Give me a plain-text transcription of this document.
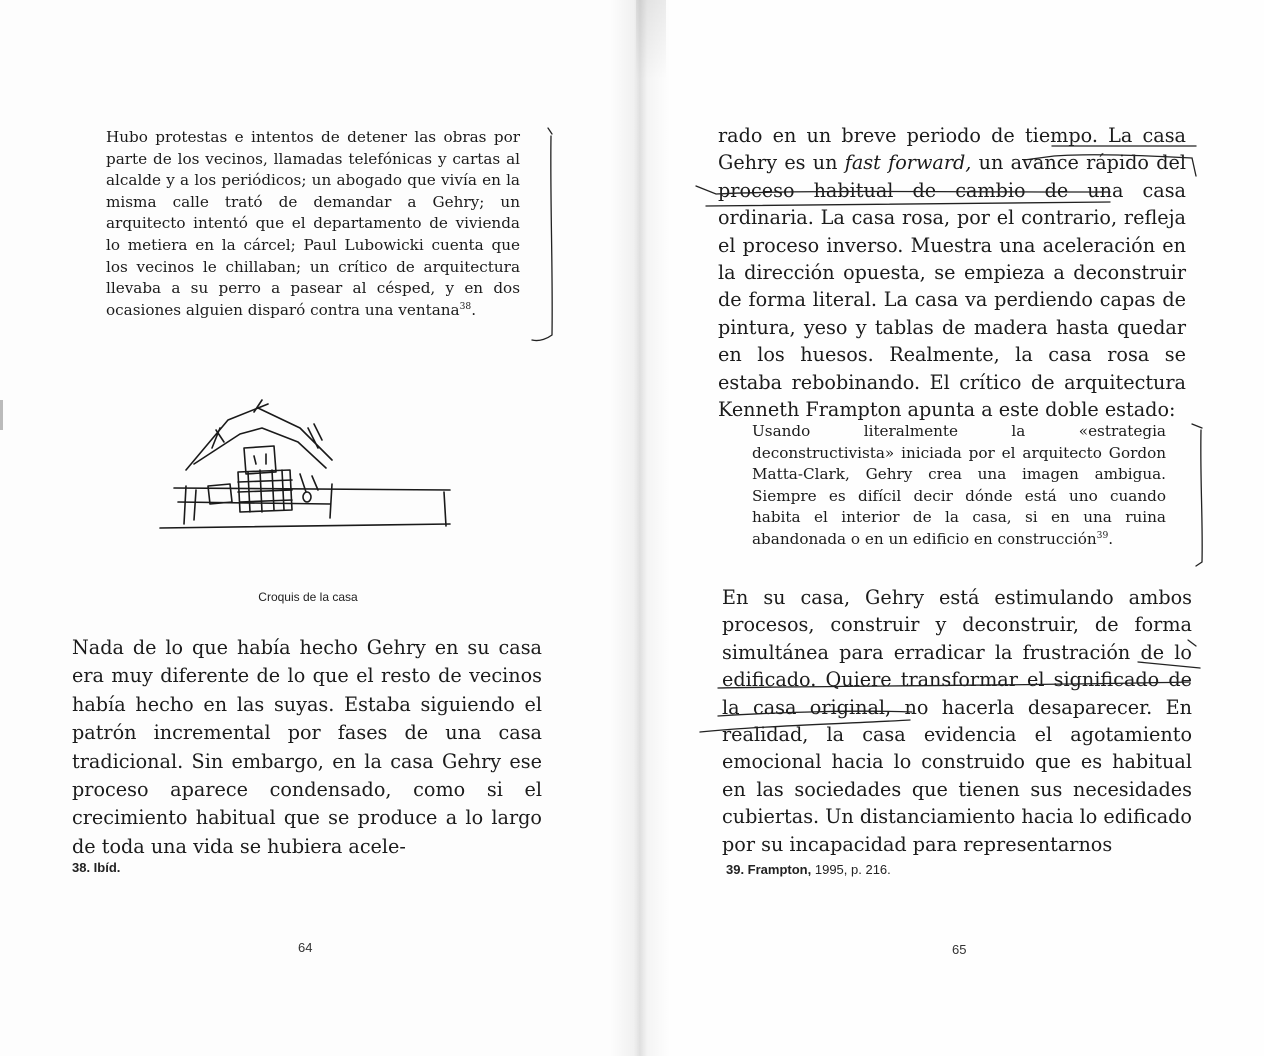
Hubo protestas e intentos de detener las obras por parte de los vecinos, llamadas telefónicas y cartas al alcalde y a los periódicos; un abogado que vivía en la misma calle trató de demandar a Gehry; un arquitecto intentó que el departamento de vivienda lo metiera en la cárcel; Paul Lubowicki cuenta que los vecinos le chillaban; un crítico de arquitectura llevaba a su perro a pasear al césped, y en dos ocasiones alguien disparó contra una ventana$^{38}$.

Croquis de la casa

Nada de lo que había hecho Gehry en su casa era muy diferente de lo que el resto de vecinos había hecho en las suyas. Estaba siguiendo el patrón incremental por fases de una casa tradicional. Sin embargo, en la casa Gehry ese proceso aparece condensado, como si el crecimiento habitual que se produce a lo largo de toda una vida se hubiera acele-

38. Ibíd.
64

rado en un breve periodo de tiempo. La casa Gehry es un fast forward, un avance rápido del proceso habitual de cambio de una casa ordinaria. La casa rosa, por el contrario, refleja el proceso inverso. Muestra una aceleración en la dirección opuesta, se empieza a deconstruir de forma literal. La casa va perdiendo capas de pintura, yeso y tablas de madera hasta quedar en los huesos. Realmente, la casa rosa se estaba rebobinando. El crítico de arquitectura Kenneth Frampton apunta a este doble estado:

Usando literalmente la «estrategia deconstructivista» iniciada por el arquitecto Gordon Matta-Clark, Gehry crea una imagen ambigua. Siempre es difícil decir dónde está uno cuando habita el interior de la casa, si en una ruina abandonada o en un edificio en construcción$^{39}$.

En su casa, Gehry está estimulando ambos procesos, construir y deconstruir, de forma simultánea para erradicar la frustración de lo edificado. Quiere transformar el significado de la casa original, no hacerla desaparecer. En realidad, la casa evidencia el agotamiento emocional hacia lo construido que es habitual en las sociedades que tienen sus necesidades cubiertas. Un distanciamiento hacia lo edificado por su incapacidad para representarnos

39. Frampton, 1995, p. 216.
65
